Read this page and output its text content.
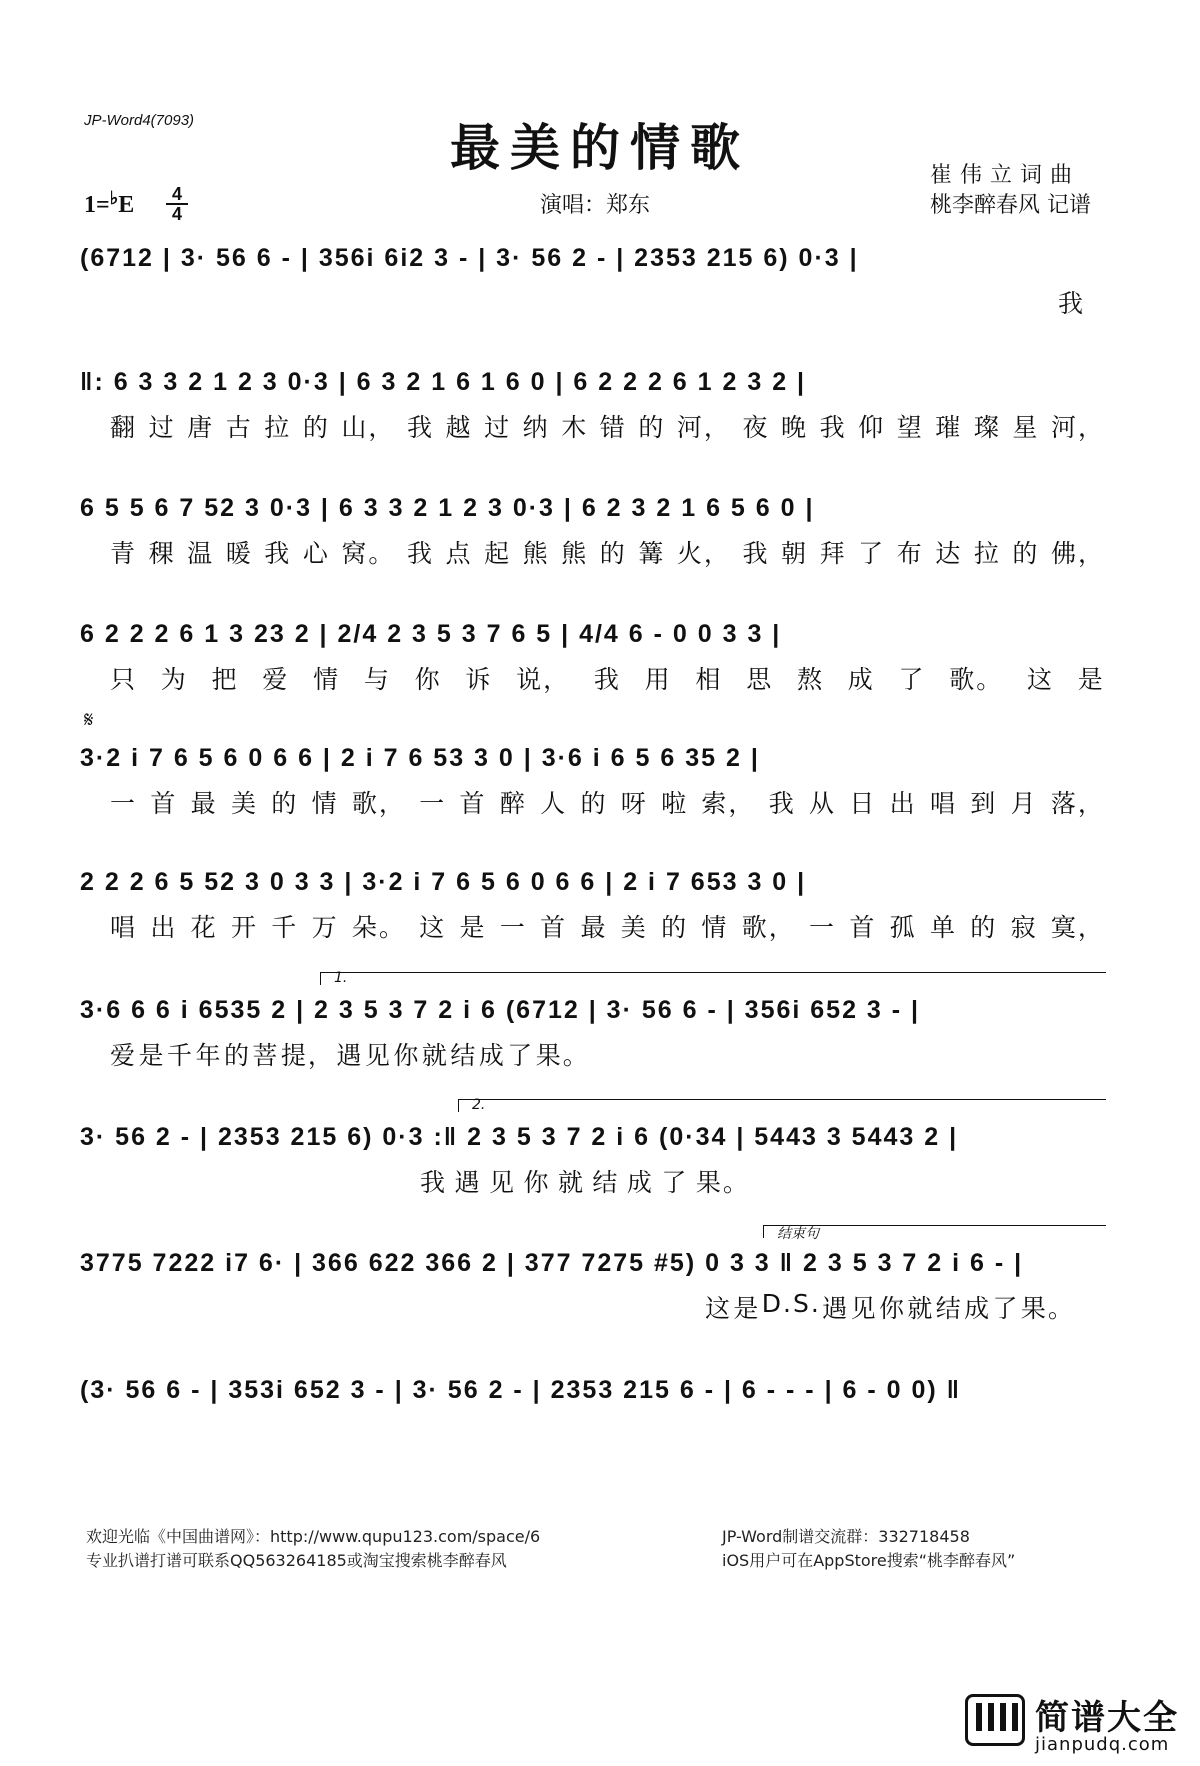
JP-Word4(7093)	最美的情歌
1=♭E	4
4	演唱：郑东
崔伟立词曲
桃李醉春风 记谱
(6712 | 3· 56 6 - | 356i 6i2 3 - | 3· 56 2 - | 2353 215 6) 0·3 |
我
‖: 6 3 3 2 1 2 3 0·3 | 6 3 2 1 6 1 6 0 | 6 2 2 2 6 1 2 3 2 |
翻 过 唐 古 拉 的 山， 我 越 过 纳 木 错 的 河， 夜 晚 我 仰 望 璀 璨 星 河，
6 5 5 6 7 52 3 0·3 | 6 3 3 2 1 2 3 0·3 | 6 2 3 2 1 6 5 6 0 |
青 稞 温 暖 我 心 窝。 我 点 起 熊 熊 的 篝 火， 我 朝 拜 了 布 达 拉 的 佛，
6 2 2 2 6 1 3 23 2 | 2/4 2 3 5 3 7 6 5 | 4/4 6 - 0 0 3 3 |
只 为 把 爱 情 与 你 诉 说， 我 用 相 思 熬 成 了 歌。 这 是
𝄋
3·2 i 7 6 5 6 0 6 6 | 2 i 7 6 53 3 0 | 3·6 i 6 5 6 35 2 |
一 首 最 美 的 情 歌， 一 首 醉 人 的 呀 啦 索， 我 从 日 出 唱 到 月 落，
2 2 2 6 5 52 3 0 3 3 | 3·2 i 7 6 5 6 0 6 6 | 2 i 7 653 3 0 |
唱 出 花 开 千 万 朵。 这 是 一 首 最 美 的 情 歌， 一 首 孤 单 的 寂 寞，
1.
3·6 6 6 i 6535 2 | 2 3 5 3 7 2 i 6 (6712 | 3· 56 6 - | 356i 652 3 - |
爱 是 千 年 的 菩 提， 遇 见 你 就 结 成 了 果。
2.
3· 56 2 - | 2353 215 6) 0·3 :‖ 2 3 5 3 7 2 i 6 (0·34 | 5443 3 5443 2 |
我 遇 见 你 就 结 成 了 果。
结束句
3775 7222 i7 6· | 366 622 366 2 | 377 7275 #5) 0 3 3 ‖ 2 3 5 3 7 2 i 6 - |
这 是 D.S. 遇 见 你 就 结 成 了 果。
(3· 56 6 - | 353i 652 3 - | 3· 56 2 - | 2353 215 6 - | 6 - - - | 6 - 0 0) ‖
欢迎光临《中国曲谱网》：http://www.qupu123.com/space/6
专业扒谱打谱可联系QQ563264185或淘宝搜索桃李醉春风
JP-Word制谱交流群：332718458
iOS用户可在AppStore搜索“桃李醉春风”
简谱大全
jianpudq.com
